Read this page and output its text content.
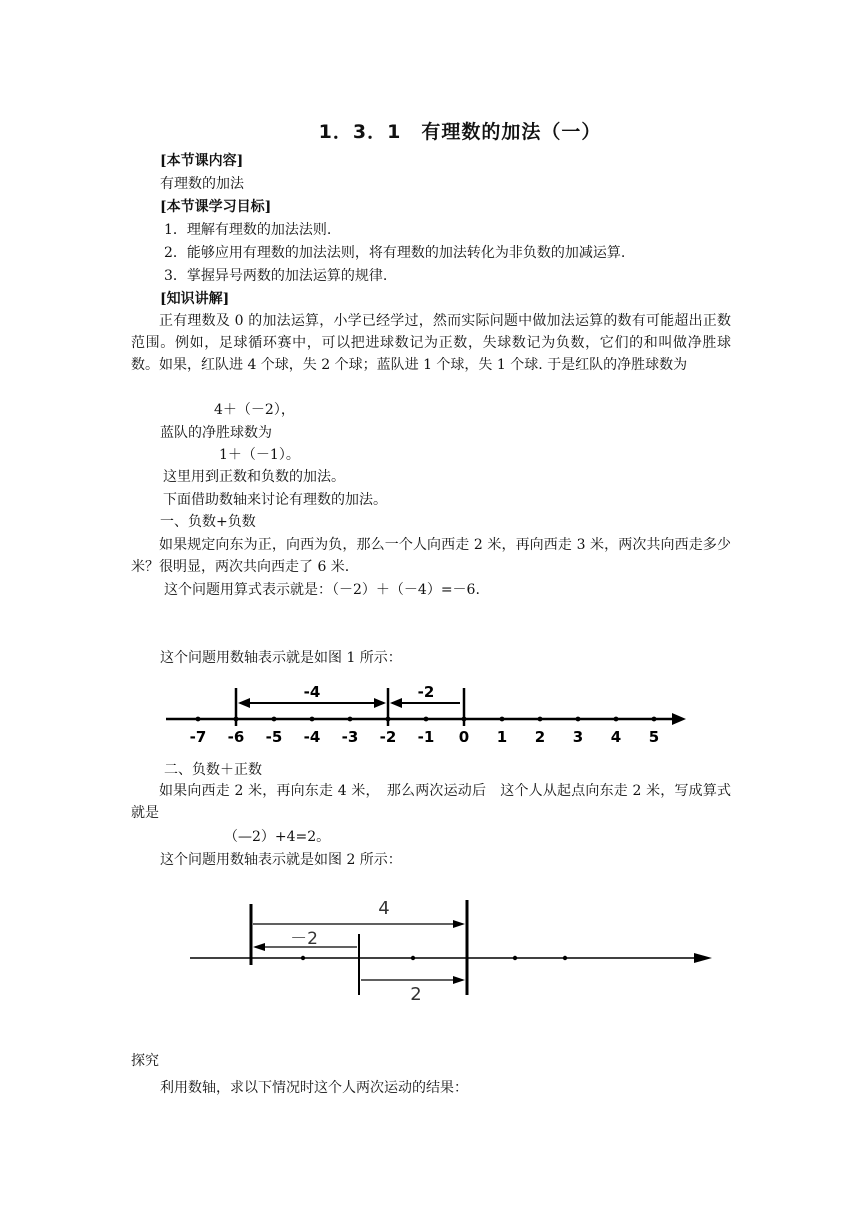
1．3．1　有理数的加法（一）
[本节课内容]
有理数的加法
[本节课学习目标]
1．理解有理数的加法法则.
2．能够应用有理数的加法法则，将有理数的加法转化为非负数的加减运算.
3．掌握异号两数的加法运算的规律.
[知识讲解]
正有理数及 0 的加法运算，小学已经学过，然而实际问题中做加法运算的数有可能超出正数范围。例如，足球循环赛中，可以把进球数记为正数，失球数记为负数，它们的和叫做净胜球数。如果，红队进 4 个球，失 2 个球；蓝队进 1 个球，失 1 个球. 于是红队的净胜球数为
4＋（－2），
蓝队的净胜球数为
1＋（－1）。
这里用到正数和负数的加法。
下面借助数轴来讨论有理数的加法。
一、负数+负数
如果规定向东为正，向西为负，那么一个人向西走 2 米，再向西走 3 米，两次共向西走多少米？很明显，两次共向西走了 6 米.
这个问题用算式表示就是：（－2）＋（－4）=－6.
这个问题用数轴表示就是如图 1 所示：
-7 -6 -5 -4 -3 -2 -1 0 1 2 3 4 5
-4	-2
二、负数＋正数
如果向西走 2 米，再向东走 4 米，　那么两次运动后　这个人从起点向东走 2 米，写成算式就是
（—2）+4=2。
这个问题用数轴表示就是如图 2 所示：
4
－2
2
探究
利用数轴，求以下情况时这个人两次运动的结果：
